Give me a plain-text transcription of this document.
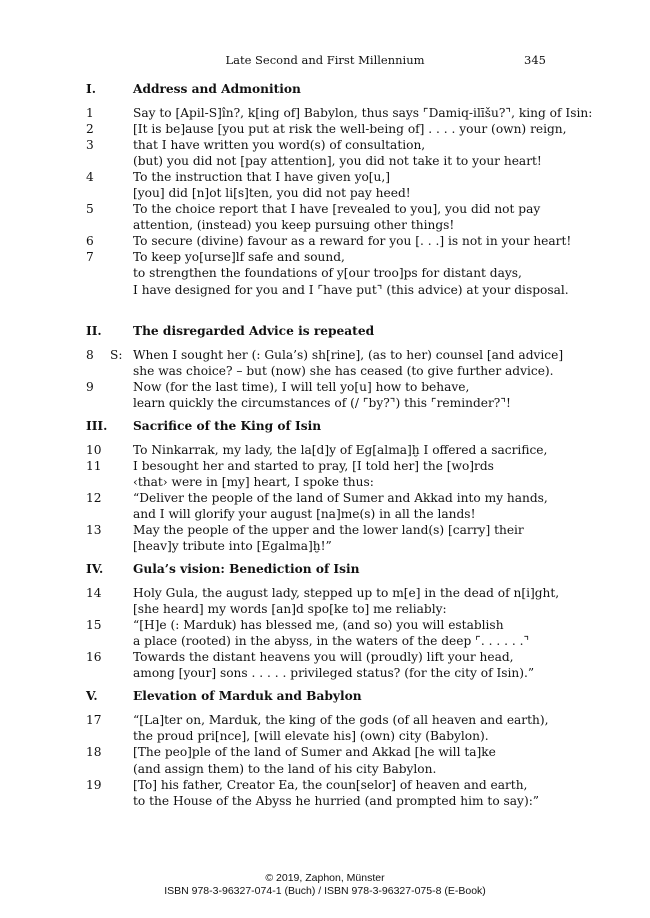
Late Second and First Millennium	345
I.	Address and Admonition
1	Say to [Apil-S]în?, k[ing of] Babylon, thus says ⌜Damiq-ilīšu?⌝, king of Isin:
2	[It is be]ause [you put at risk the well-being of] . . . . your (own) reign,
3	that I have written you word(s) of consultation,
(but) you did not [pay attention], you did not take it to your heart!
4	To the instruction that I have given yo[u,]
[you] did [n]ot li[s]ten, you did not pay heed!
5	To the choice report that I have [revealed to you], you did not pay
attention, (instead) you keep pursuing other things!
6	To secure (divine) favour as a reward for you [. . .] is not in your heart!
7	To keep yo[urse]lf safe and sound,
to strengthen the foundations of y[our troo]ps for distant days,
I have designed for you and I ⌜have put⌝ (this advice) at your disposal.
II.	The disregarded Advice is repeated
8 S: When I sought her (: Gula’s) sh[rine], (as to her) counsel [and advice]
she was choice? – but (now) she has ceased (to give further advice).
9	Now (for the last time), I will tell yo[u] how to behave,
learn quickly the circumstances of (/ ⌜by?⌝) this ⌜reminder?⌝!
III. Sacrifice of the King of Isin
10	To Ninkarrak, my lady, the la[d]y of Eg[alma]ḫ I offered a sacrifice,
11	I besought her and started to pray, [I told her] the [wo]rds
‹that› were in [my] heart, I spoke thus:
12	“Deliver the people of the land of Sumer and Akkad into my hands,
and I will glorify your august [na]me(s) in all the lands!
13	May the people of the upper and the lower land(s) [carry] their
[heav]y tribute into [Egalma]ḫ!”
IV. Gula’s vision: Benediction of Isin
14	Holy Gula, the august lady, stepped up to m[e] in the dead of n[i]ght,
[she heard] my words [an]d spo[ke to] me reliably:
15	“[H]e (: Marduk) has blessed me, (and so) you will establish
a place (rooted) in the abyss, in the waters of the deep ⌜. . . . . .⌝
16	Towards the distant heavens you will (proudly) lift your head,
among [your] sons . . . . . privileged status? (for the city of Isin).”
V.	Elevation of Marduk and Babylon
17	“[La]ter on, Marduk, the king of the gods (of all heaven and earth),
the proud pri[nce], [will elevate his] (own) city (Babylon).
18	[The peo]ple of the land of Sumer and Akkad [he will ta]ke
(and assign them) to the land of his city Babylon.
19	[To] his father, Creator Ea, the coun[selor] of heaven and earth,
to the House of the Abyss he hurried (and prompted him to say):”
© 2019, Zaphon, Münster
ISBN 978-3-96327-074-1 (Buch) / ISBN 978-3-96327-075-8 (E-Book)
